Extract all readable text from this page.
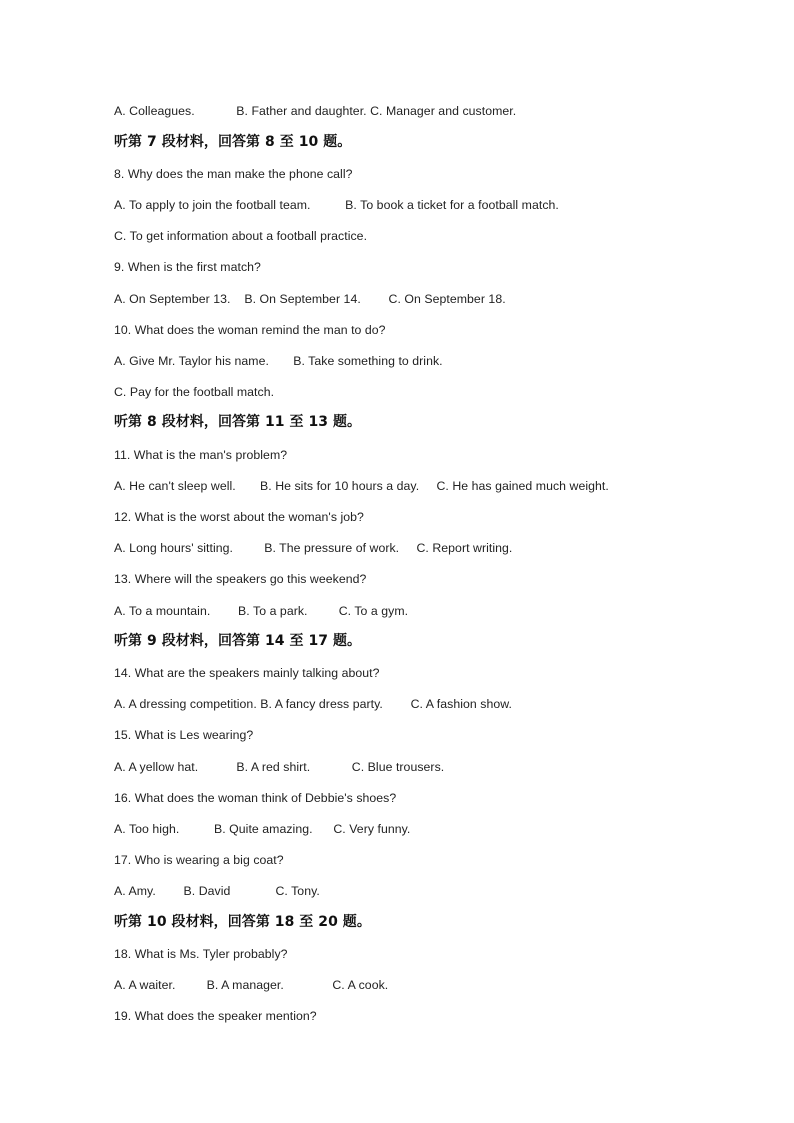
A. Colleagues.            B. Father and daughter. C. Manager and customer.
听第 7 段材料，回答第 8 至 10 题。
8. Why does the man make the phone call?
A. To apply to join the football team.          B. To book a ticket for a football match.
C. To get information about a football practice.
9. When is the first match?
A. On September 13.    B. On September 14.        C. On September 18.
10. What does the woman remind the man to do?
A. Give Mr. Taylor his name.       B. Take something to drink.
C. Pay for the football match.
听第 8 段材料，回答第 11 至 13 题。
11. What is the man's problem?
A. He can't sleep well.       B. He sits for 10 hours a day.     C. He has gained much weight.
12. What is the worst about the woman's job?
A. Long hours' sitting.         B. The pressure of work.     C. Report writing.
13. Where will the speakers go this weekend?
A. To a mountain.        B. To a park.         C. To a gym.
听第 9 段材料，回答第 14 至 17 题。
14. What are the speakers mainly talking about?
A. A dressing competition. B. A fancy dress party.        C. A fashion show.
15. What is Les wearing?
A. A yellow hat.           B. A red shirt.            C. Blue trousers.
16. What does the woman think of Debbie's shoes?
A. Too high.          B. Quite amazing.      C. Very funny.
17. Who is wearing a big coat?
A. Amy.        B. David             C. Tony.
听第 10 段材料，回答第 18 至 20 题。
18. What is Ms. Tyler probably?
A. A waiter.         B. A manager.              C. A cook.
19. What does the speaker mention?
